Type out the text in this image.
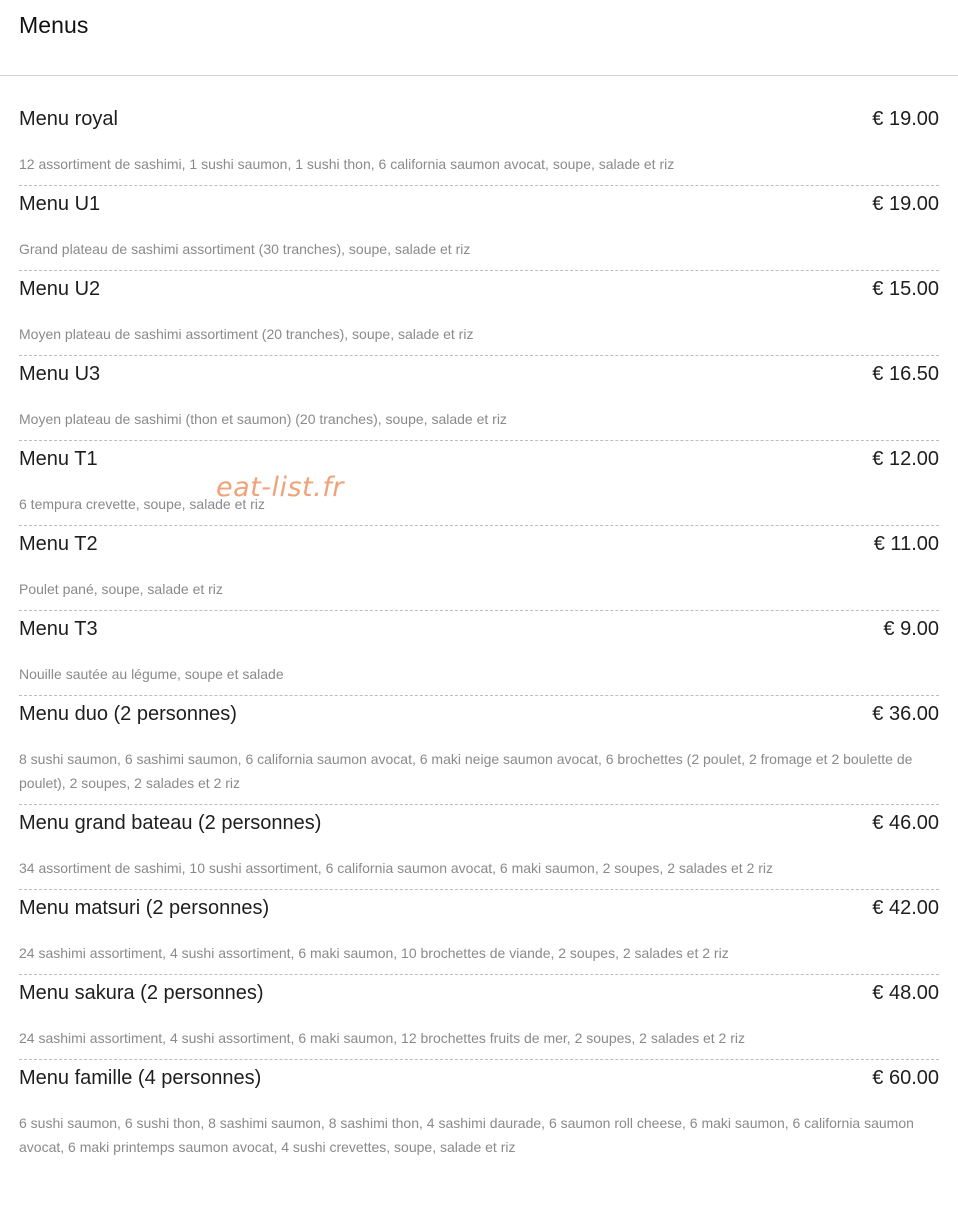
Menus
Menu royal	€ 19.00

12 assortiment de sashimi, 1 sushi saumon, 1 sushi thon, 6 california saumon avocat, soupe, salade et riz

Menu U1	€ 19.00

Grand plateau de sashimi assortiment (30 tranches), soupe, salade et riz

Menu U2	€ 15.00

Moyen plateau de sashimi assortiment (20 tranches), soupe, salade et riz

Menu U3	€ 16.50

Moyen plateau de sashimi (thon et saumon) (20 tranches), soupe, salade et riz

Menu T1	€ 12.00

6 tempura crevette, soupe, salade et riz

Menu T2	€ 11.00

Poulet pané, soupe, salade et riz

Menu T3	€ 9.00

Nouille sautée au légume, soupe et salade

Menu duo (2 personnes)	€ 36.00

8 sushi saumon, 6 sashimi saumon, 6 california saumon avocat, 6 maki neige saumon avocat, 6 brochettes (2 poulet, 2 fromage et 2 boulette de poulet), 2 soupes, 2 salades et 2 riz

Menu grand bateau (2 personnes)	€ 46.00

34 assortiment de sashimi, 10 sushi assortiment, 6 california saumon avocat, 6 maki saumon, 2 soupes, 2 salades et 2 riz

Menu matsuri (2 personnes)	€ 42.00

24 sashimi assortiment, 4 sushi assortiment, 6 maki saumon, 10 brochettes de viande, 2 soupes, 2 salades et 2 riz

Menu sakura (2 personnes)	€ 48.00

24 sashimi assortiment, 4 sushi assortiment, 6 maki saumon, 12 brochettes fruits de mer, 2 soupes, 2 salades et 2 riz

Menu famille (4 personnes)	€ 60.00

6 sushi saumon, 6 sushi thon, 8 sashimi saumon, 8 sashimi thon, 4 sashimi daurade, 6 saumon roll cheese, 6 maki saumon, 6 california saumon avocat, 6 maki printemps saumon avocat, 4 sushi crevettes, soupe, salade et riz

eat-list.fr
